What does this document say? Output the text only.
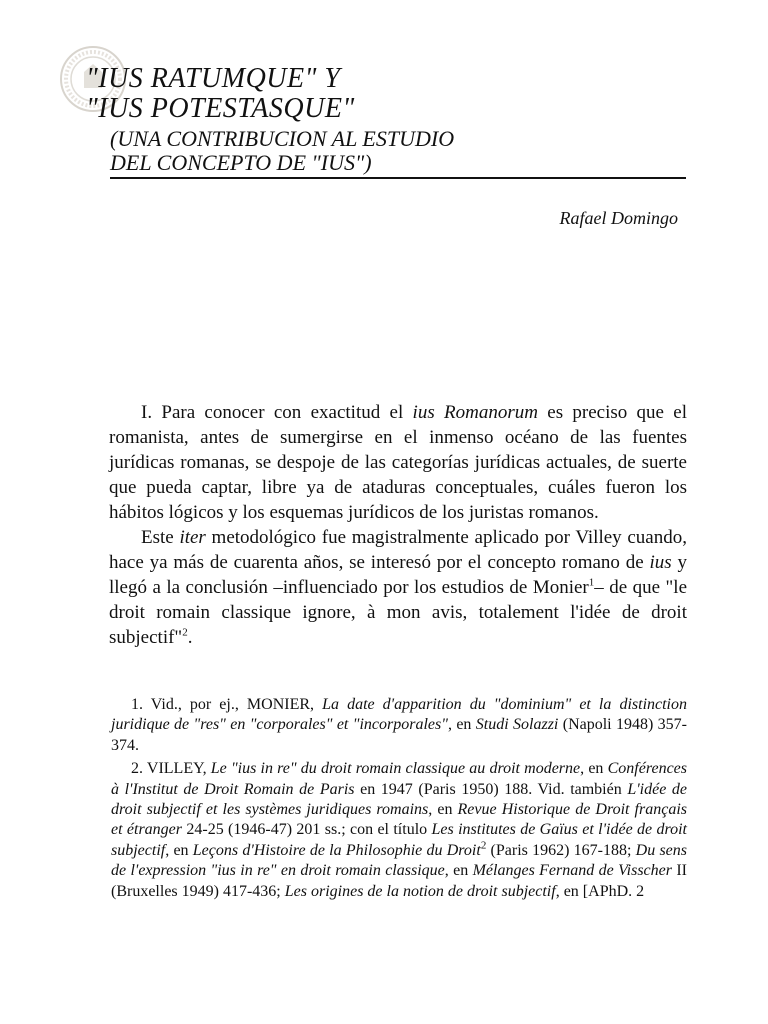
"IUS RATUMQUE" Y
"IUS POTESTASQUE"
(UNA CONTRIBUCION AL ESTUDIO
DEL CONCEPTO DE "IUS")
Rafael Domingo

I. Para conocer con exactitud el ius Romanorum es preciso que el romanista, antes de sumergirse en el inmenso océano de las fuentes jurídicas romanas, se despoje de las categorías jurídicas actuales, de suerte que pueda captar, libre ya de ataduras conceptuales, cuáles fueron los hábitos lógicos y los esquemas jurídicos de los juristas romanos.

Este iter metodológico fue magistralmente aplicado por Villey cuando, hace ya más de cuarenta años, se interesó por el concepto romano de ius y llegó a la conclusión –influenciado por los estudios de Monier$^1$– de que "le droit romain classique ignore, à mon avis, totalement l'idée de droit subjectif"$^2$.

1. Vid., por ej., MONIER, La date d'apparition du "dominium" et la distinction juridique de "res" en "corporales" et "incorporales", en Studi Solazzi (Napoli 1948) 357-374.

2. VILLEY, Le "ius in re" du droit romain classique au droit moderne, en Conférences à l'Institut de Droit Romain de Paris en 1947 (Paris 1950) 188. Vid. también L'idée de droit subjectif et les systèmes juridiques romains, en Revue Historique de Droit français et étranger 24-25 (1946-47) 201 ss.; con el título Les institutes de Gaïus et l'idée de droit subjectif, en Leçons d'Histoire de la Philosophie du Droit$^2$ (Paris 1962) 167-188; Du sens de l'expression "ius in re" en droit romain classique, en Mélanges Fernand de Visscher II (Bruxelles 1949) 417-436; Les origines de la notion de droit subjectif, en [APhD. 2
